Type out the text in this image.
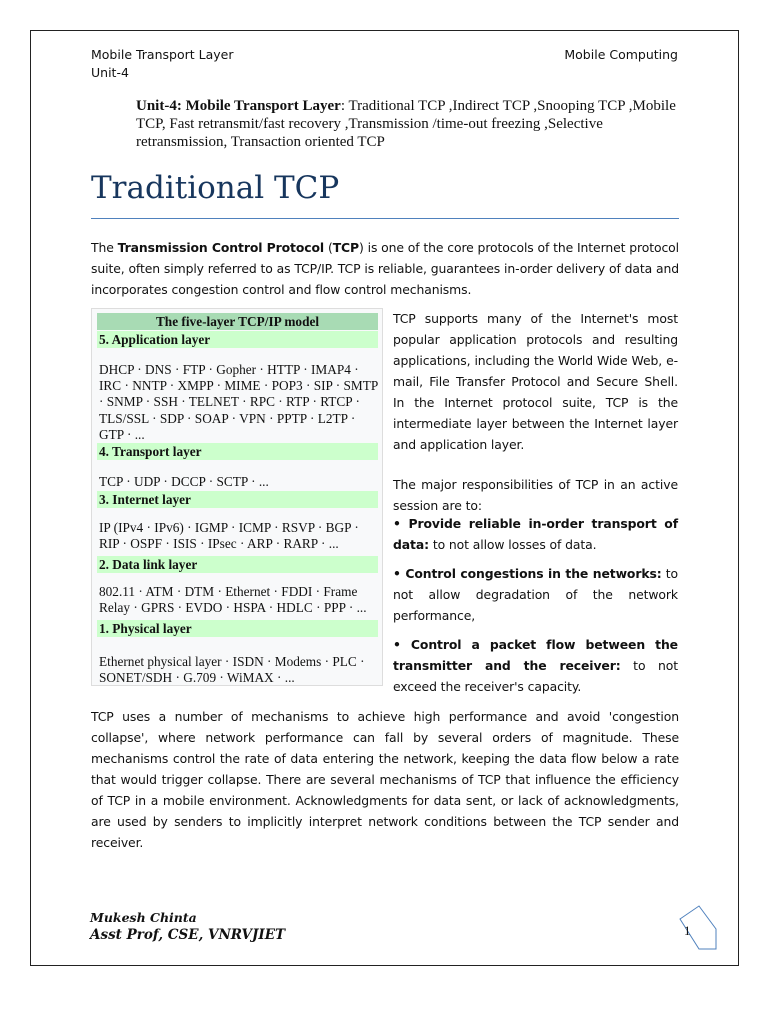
Mobile Transport Layer
Unit-4
Mobile Computing
Unit-4: Mobile Transport Layer: Traditional TCP ,Indirect TCP ,Snooping TCP ,Mobile TCP, Fast retransmit/fast recovery ,Transmission /time-out freezing ,Selective retransmission, Transaction oriented TCP
Traditional TCP
The Transmission Control Protocol (TCP) is one of the core protocols of the Internet protocol suite, often simply referred to as TCP/IP. TCP is reliable, guarantees in-order delivery of data and incorporates congestion control and flow control mechanisms.
The five-layer TCP/IP model
5. Application layer
DHCP · DNS · FTP · Gopher · HTTP · IMAP4 · IRC · NNTP · XMPP · MIME · POP3 · SIP · SMTP · SNMP · SSH · TELNET · RPC · RTP · RTCP · TLS/SSL · SDP · SOAP · VPN · PPTP · L2TP · GTP · ...
4. Transport layer
TCP · UDP · DCCP · SCTP · ...
3. Internet layer
IP (IPv4 · IPv6) · IGMP · ICMP · RSVP · BGP · RIP · OSPF · ISIS · IPsec · ARP · RARP · ...
2. Data link layer
802.11 · ATM · DTM · Ethernet · FDDI · Frame Relay · GPRS · EVDO · HSPA · HDLC · PPP · ...
1. Physical layer
Ethernet physical layer · ISDN · Modems · PLC · SONET/SDH · G.709 · WiMAX · ...
TCP supports many of the Internet's most popular application protocols and resulting applications, including the World Wide Web, e-mail, File Transfer Protocol and Secure Shell. In the Internet protocol suite, TCP is the intermediate layer between the Internet layer and application layer.
The major responsibilities of TCP in an active session are to:
• Provide reliable in-order transport of data: to not allow losses of data.
• Control congestions in the networks: to not allow degradation of the network performance,
• Control a packet flow between the transmitter and the receiver: to not exceed the receiver's capacity.
TCP uses a number of mechanisms to achieve high performance and avoid 'congestion collapse', where network performance can fall by several orders of magnitude. These mechanisms control the rate of data entering the network, keeping the data flow below a rate that would trigger collapse. There are several mechanisms of TCP that influence the efficiency of TCP in a mobile environment. Acknowledgments for data sent, or lack of acknowledgments, are used by senders to implicitly interpret network conditions between the TCP sender and receiver.
Mukesh Chinta
Asst Prof, CSE, VNRVJIET	1
